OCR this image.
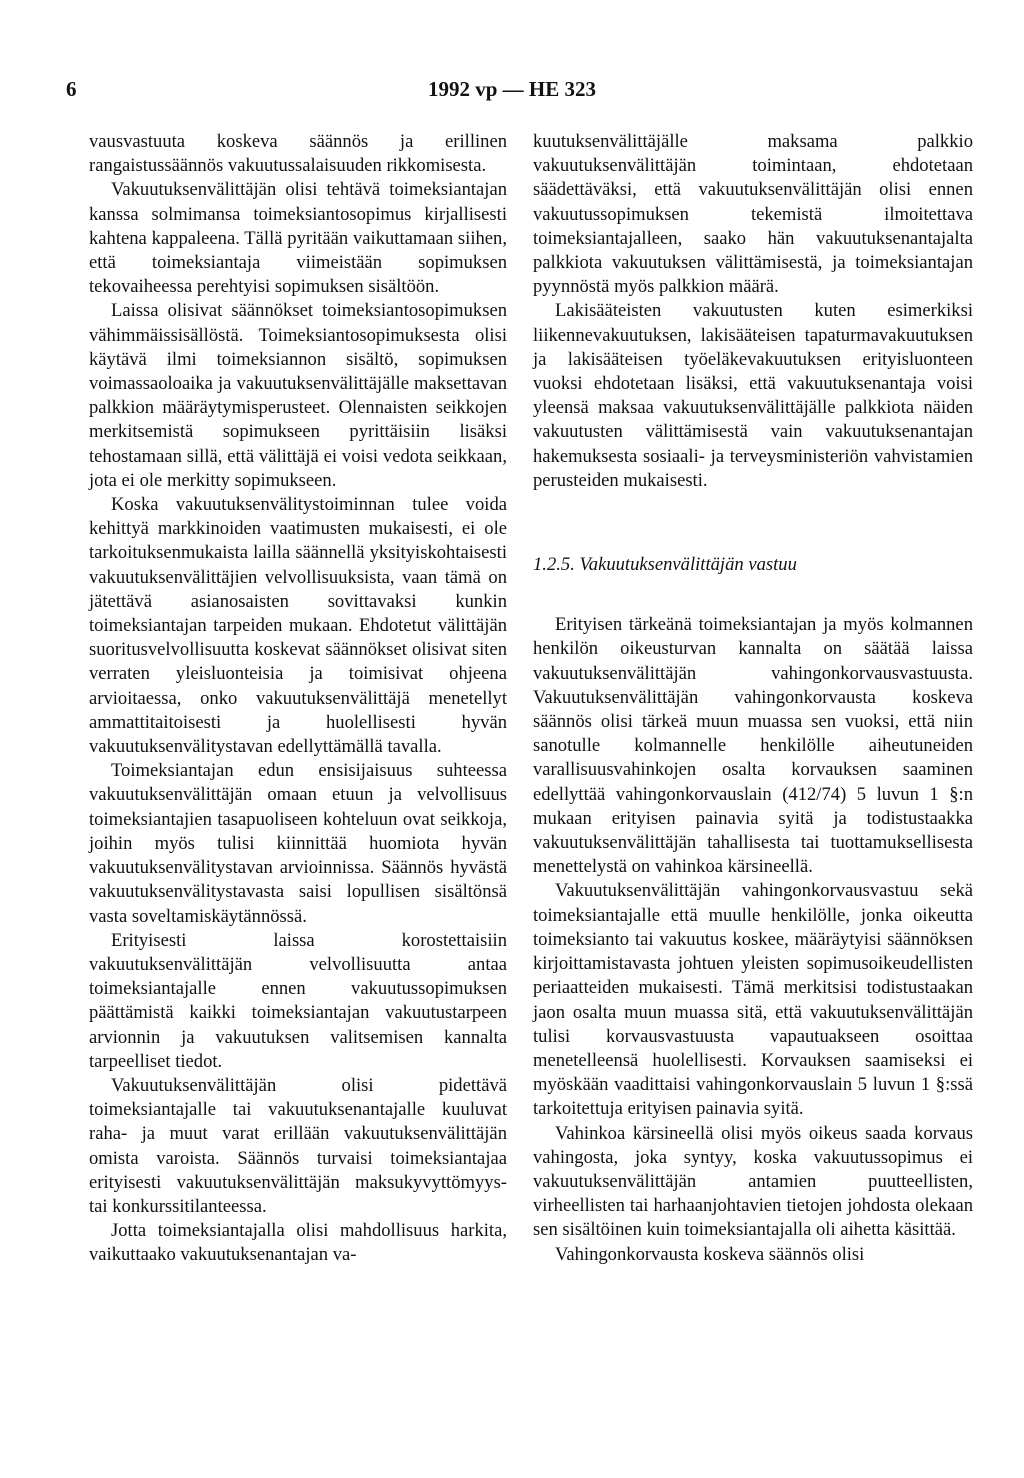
6	1992 vp — HE 323

vausvastuuta koskeva säännös ja erillinen rangaistussäännös vakuutussalaisuuden rikkomisesta.

Vakuutuksenvälittäjän olisi tehtävä toimeksiantajan kanssa solmimansa toimeksiantosopimus kirjallisesti kahtena kappaleena. Tällä pyritään vaikuttamaan siihen, että toimeksiantaja viimeistään sopimuksen tekovaiheessa perehtyisi sopimuksen sisältöön.

Laissa olisivat säännökset toimeksiantosopimuksen vähimmäissisällöstä. Toimeksiantosopimuksesta olisi käytävä ilmi toimeksiannon sisältö, sopimuksen voimassaoloaika ja vakuutuksenvälittäjälle maksettavan palkkion määräytymisperusteet. Olennaisten seikkojen merkitsemistä sopimukseen pyrittäisiin lisäksi tehostamaan sillä, että välittäjä ei voisi vedota seikkaan, jota ei ole merkitty sopimukseen.

Koska vakuutuksenvälitystoiminnan tulee voida kehittyä markkinoiden vaatimusten mukaisesti, ei ole tarkoituksenmukaista lailla säännellä yksityiskohtaisesti vakuutuksenvälittäjien velvollisuuksista, vaan tämä on jätettävä asianosaisten sovittavaksi kunkin toimeksiantajan tarpeiden mukaan. Ehdotetut välittäjän suoritusvelvollisuutta koskevat säännökset olisivat siten verraten yleisluonteisia ja toimisivat ohjeena arvioitaessa, onko vakuutuksenvälittäjä menetellyt ammattitaitoisesti ja huolellisesti hyvän vakuutuksenvälitystavan edellyttämällä tavalla.

Toimeksiantajan edun ensisijaisuus suhteessa vakuutuksenvälittäjän omaan etuun ja velvollisuus toimeksiantajien tasapuoliseen kohteluun ovat seikkoja, joihin myös tulisi kiinnittää huomiota hyvän vakuutuksenvälitystavan arvioinnissa. Säännös hyvästä vakuutuksenvälitystavasta saisi lopullisen sisältönsä vasta soveltamiskäytännössä.

Erityisesti laissa korostettaisiin vakuutuksenvälittäjän velvollisuutta antaa toimeksiantajalle ennen vakuutussopimuksen päättämistä kaikki toimeksiantajan vakuutustarpeen arvionnin ja vakuutuksen valitsemisen kannalta tarpeelliset tiedot.

Vakuutuksenvälittäjän olisi pidettävä toimeksiantajalle tai vakuutuksenantajalle kuuluvat raha- ja muut varat erillään vakuutuksenvälittäjän omista varoista. Säännös turvaisi toimeksiantajaa erityisesti vakuutuksenvälittäjän maksukyvyttömyys- tai konkurssitilanteessa.

Jotta toimeksiantajalla olisi mahdollisuus harkita, vaikuttaako vakuutuksenantajan va-

kuutuksenvälittäjälle maksama palkkio vakuutuksenvälittäjän toimintaan, ehdotetaan säädettäväksi, että vakuutuksenvälittäjän olisi ennen vakuutussopimuksen tekemistä ilmoitettava toimeksiantajalleen, saako hän vakuutuksenantajalta palkkiota vakuutuksen välittämisestä, ja toimeksiantajan pyynnöstä myös palkkion määrä.

Lakisääteisten vakuutusten kuten esimerkiksi liikennevakuutuksen, lakisääteisen tapaturmavakuutuksen ja lakisääteisen työeläkevakuutuksen erityisluonteen vuoksi ehdotetaan lisäksi, että vakuutuksenantaja voisi yleensä maksaa vakuutuksenvälittäjälle palkkiota näiden vakuutusten välittämisestä vain vakuutuksenantajan hakemuksesta sosiaali- ja terveysministeriön vahvistamien perusteiden mukaisesti.

1.2.5. Vakuutuksenvälittäjän vastuu

Erityisen tärkeänä toimeksiantajan ja myös kolmannen henkilön oikeusturvan kannalta on säätää laissa vakuutuksenvälittäjän vahingonkorvausvastuusta. Vakuutuksenvälittäjän vahingonkorvausta koskeva säännös olisi tärkeä muun muassa sen vuoksi, että niin sanotulle kolmannelle henkilölle aiheutuneiden varallisuusvahinkojen osalta korvauksen saaminen edellyttää vahingonkorvauslain (412/74) 5 luvun 1 §:n mukaan erityisen painavia syitä ja todistustaakka vakuutuksenvälittäjän tahallisesta tai tuottamuksellisesta menettelystä on vahinkoa kärsineellä.

Vakuutuksenvälittäjän vahingonkorvausvastuu sekä toimeksiantajalle että muulle henkilölle, jonka oikeutta toimeksianto tai vakuutus koskee, määräytyisi säännöksen kirjoittamistavasta johtuen yleisten sopimusoikeudellisten periaatteiden mukaisesti. Tämä merkitsisi todistustaakan jaon osalta muun muassa sitä, että vakuutuksenvälittäjän tulisi korvausvastuusta vapautuakseen osoittaa menetelleensä huolellisesti. Korvauksen saamiseksi ei myöskään vaadittaisi vahingonkorvauslain 5 luvun 1 §:ssä tarkoitettuja erityisen painavia syitä.

Vahinkoa kärsineellä olisi myös oikeus saada korvaus vahingosta, joka syntyy, koska vakuutussopimus ei vakuutuksenvälittäjän antamien puutteellisten, virheellisten tai harhaanjohtavien tietojen johdosta olekaan sen sisältöinen kuin toimeksiantajalla oli aihetta käsittää.

Vahingonkorvausta koskeva säännös olisi
